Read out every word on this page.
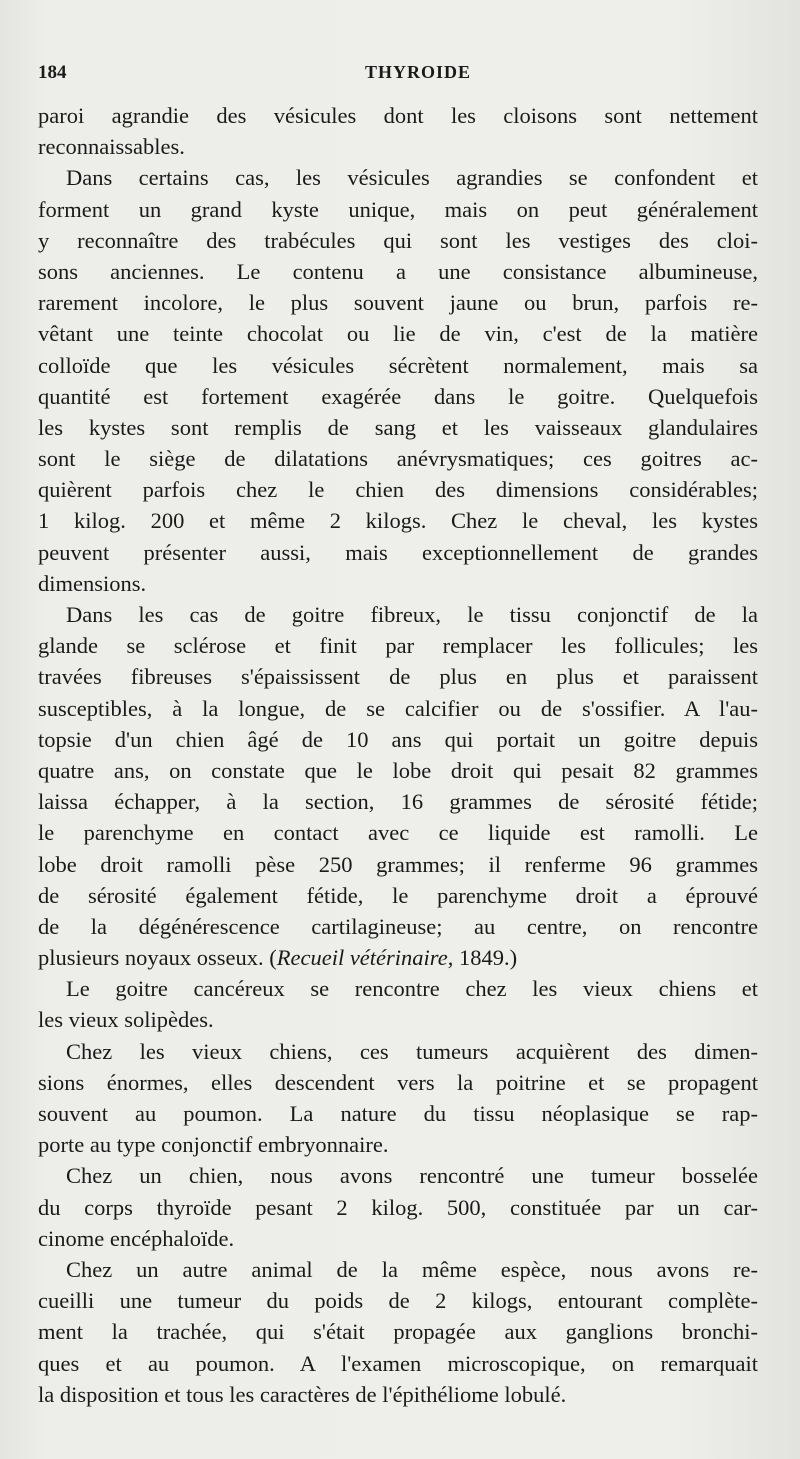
184	THYROIDE
paroi agrandie des vésicules dont les cloisons sont nettement
reconnaissables.
Dans certains cas, les vésicules agrandies se confondent et
forment un grand kyste unique, mais on peut généralement
y reconnaître des trabécules qui sont les vestiges des cloi-
sons anciennes. Le contenu a une consistance albumineuse,
rarement incolore, le plus souvent jaune ou brun, parfois re-
vêtant une teinte chocolat ou lie de vin, c'est de la matière
colloïde que les vésicules sécrètent normalement, mais sa
quantité est fortement exagérée dans le goitre. Quelquefois
les kystes sont remplis de sang et les vaisseaux glandulaires
sont le siège de dilatations anévrysmatiques; ces goitres ac-
quièrent parfois chez le chien des dimensions considérables;
1 kilog. 200 et même 2 kilogs. Chez le cheval, les kystes
peuvent présenter aussi, mais exceptionnellement de grandes
dimensions.
Dans les cas de goitre fibreux, le tissu conjonctif de la
glande se sclérose et finit par remplacer les follicules; les
travées fibreuses s'épaississent de plus en plus et paraissent
susceptibles, à la longue, de se calcifier ou de s'ossifier. A l'au-
topsie d'un chien âgé de 10 ans qui portait un goitre depuis
quatre ans, on constate que le lobe droit qui pesait 82 grammes
laissa échapper, à la section, 16 grammes de sérosité fétide;
le parenchyme en contact avec ce liquide est ramolli. Le
lobe droit ramolli pèse 250 grammes; il renferme 96 grammes
de sérosité également fétide, le parenchyme droit a éprouvé
de la dégénérescence cartilagineuse; au centre, on rencontre
plusieurs noyaux osseux. (Recueil vétérinaire, 1849.)
Le goitre cancéreux se rencontre chez les vieux chiens et
les vieux solipèdes.
Chez les vieux chiens, ces tumeurs acquièrent des dimen-
sions énormes, elles descendent vers la poitrine et se propagent
souvent au poumon. La nature du tissu néoplasique se rap-
porte au type conjonctif embryonnaire.
Chez un chien, nous avons rencontré une tumeur bosselée
du corps thyroïde pesant 2 kilog. 500, constituée par un car-
cinome encéphaloïde.
Chez un autre animal de la même espèce, nous avons re-
cueilli une tumeur du poids de 2 kilogs, entourant complète-
ment la trachée, qui s'était propagée aux ganglions bronchi-
ques et au poumon. A l'examen microscopique, on remarquait
la disposition et tous les caractères de l'épithéliome lobulé.
